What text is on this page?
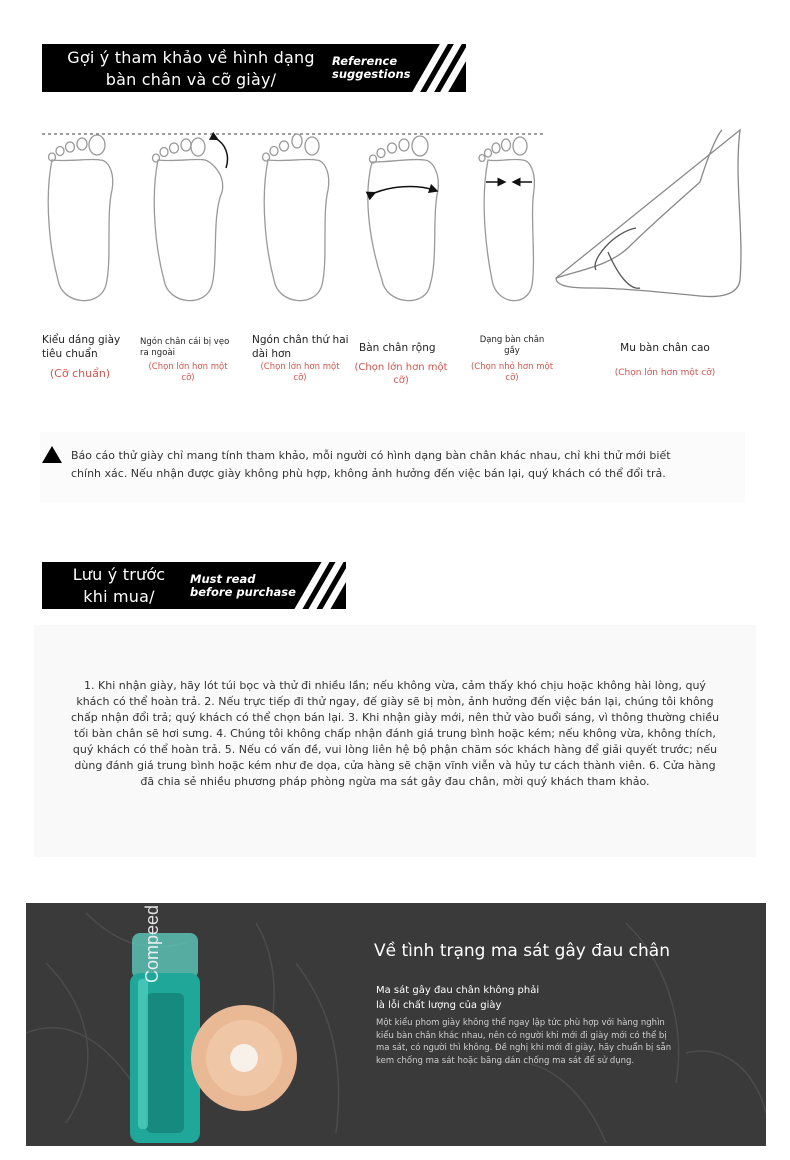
Gợi ý tham khảo về hình dạng
bàn chân và cỡ giày/
Reference
suggestions
Kiểu dáng giày tiêu chuẩn
(Cỡ chuẩn)
Ngón chân cái bị vẹo ra ngoài
(Chọn lớn hơn một cỡ)
Ngón chân thứ hai dài hơn
(Chọn lớn hơn một cỡ)
Bàn chân rộng
(Chọn lớn hơn một cỡ)
Dạng bàn chân gầy
(Chọn nhỏ hơn một cỡ)
Mu bàn chân cao
(Chọn lớn hơn một cỡ)
Báo cáo thử giày chỉ mang tính tham khảo, mỗi người có hình dạng bàn chân khác nhau, chỉ khi thử mới biết chính xác. Nếu nhận được giày không phù hợp, không ảnh hưởng đến việc bán lại, quý khách có thể đổi trả.
Lưu ý trước
khi mua/
Must read
before purchase
1. Khi nhận giày, hãy lót túi bọc và thử đi nhiều lần; nếu không vừa, cảm thấy khó chịu hoặc không hài lòng, quý khách có thể hoàn trả. 2. Nếu trực tiếp đi thử ngay, đế giày sẽ bị mòn, ảnh hưởng đến việc bán lại, chúng tôi không chấp nhận đổi trả; quý khách có thể chọn bán lại. 3. Khi nhận giày mới, nên thử vào buổi sáng, vì thông thường chiều tối bàn chân sẽ hơi sưng. 4. Chúng tôi không chấp nhận đánh giá trung bình hoặc kém; nếu không vừa, không thích, quý khách có thể hoàn trả. 5. Nếu có vấn đề, vui lòng liên hệ bộ phận chăm sóc khách hàng để giải quyết trước; nếu dùng đánh giá trung bình hoặc kém như đe dọa, cửa hàng sẽ chặn vĩnh viễn và hủy tư cách thành viên. 6. Cửa hàng đã chia sẻ nhiều phương pháp phòng ngừa ma sát gây đau chân, mời quý khách tham khảo.
Compeed	Về tình trạng ma sát gây đau chân
Ma sát gây đau chân không phải
là lỗi chất lượng của giày
Một kiểu phom giày không thể ngay lập tức phù hợp với hàng nghìn kiểu bàn chân khác nhau, nên có người khi mới đi giày mới có thể bị ma sát, có người thì không. Đề nghị khi mới đi giày, hãy chuẩn bị sẵn kem chống ma sát hoặc băng dán chống ma sát để sử dụng.
